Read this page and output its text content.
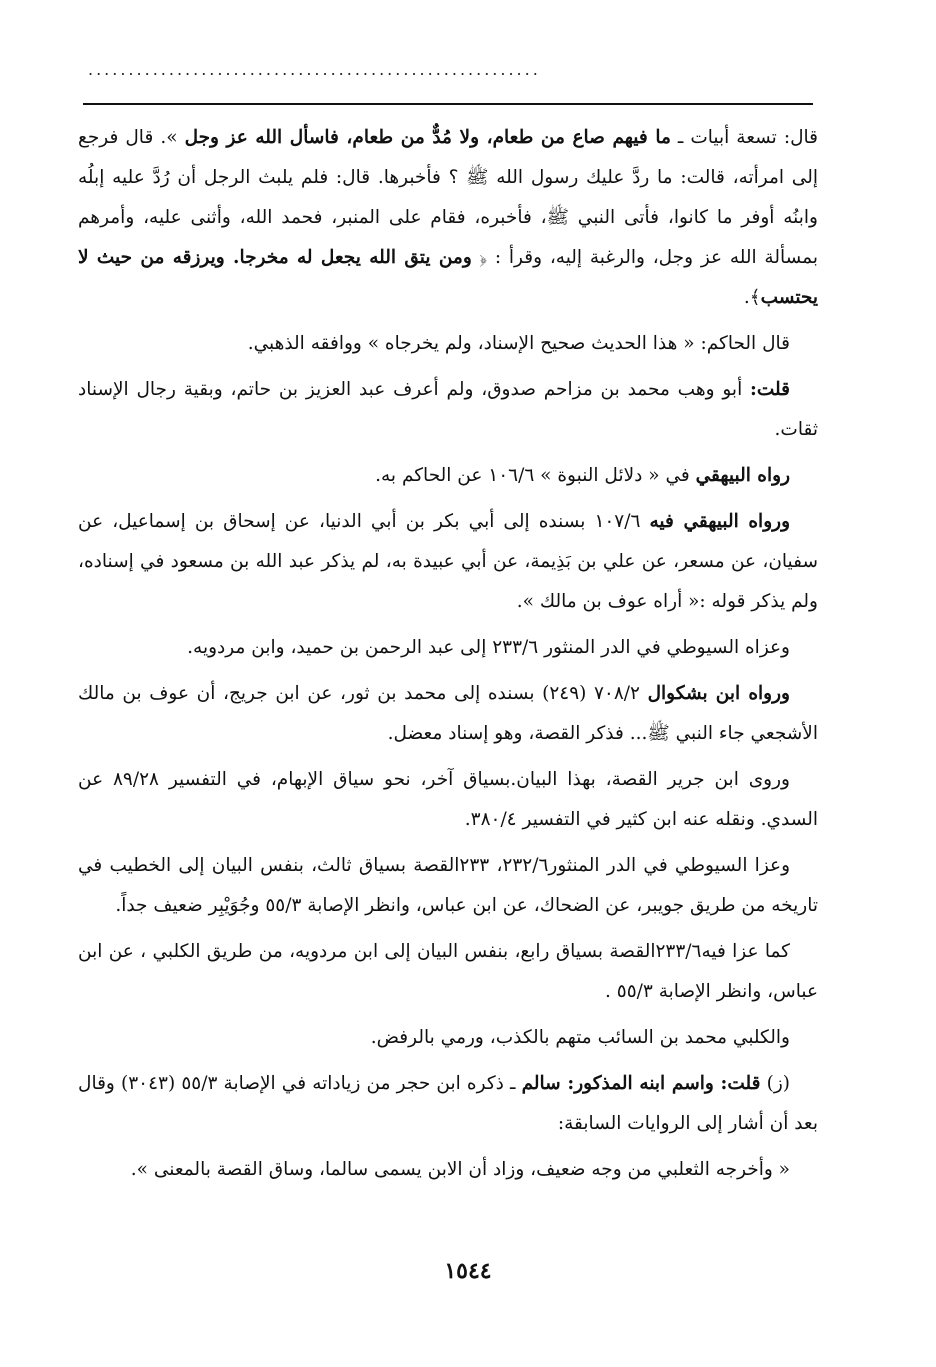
........................................................

قال: تسعة أبيات ـ ما فيهم صاع من طعام، ولا مُدٌّ من طعام، فاسأل الله عز وجل ». قال فرجع إلى امرأته، قالت: ما ردَّ عليك رسول الله ﷺ ؟ فأخبرها. قال: فلم يلبث الرجل أن رُدَّ عليه إبلُه وابنُه أوفر ما كانوا، فأتى النبي ﷺ، فأخبره، فقام على المنبر، فحمد الله، وأثنى عليه، وأمرهم بمسألة الله عز وجل، والرغبة إليه، وقرأ : ﴿ ومن يتق الله يجعل له مخرجا. ويرزقه من حيث لا يحتسب﴾.

قال الحاكم: « هذا الحديث صحيح الإسناد، ولم يخرجاه » ووافقه الذهبي.

قلت: أبو وهب محمد بن مزاحم صدوق، ولم أعرف عبد العزيز بن حاتم، وبقية رجال الإسناد ثقات.

رواه البيهقي في « دلائل النبوة » ١٠٦/٦ عن الحاكم به.

ورواه البيهقي فيه ١٠٧/٦ بسنده إلى أبي بكر بن أبي الدنيا، عن إسحاق بن إسماعيل، عن سفيان، عن مسعر، عن علي بن بَذِيمة، عن أبي عبيدة به، لم يذكر عبد الله بن مسعود في إسناده، ولم يذكر قوله :« أراه عوف بن مالك ».

وعزاه السيوطي في الدر المنثور ٢٣٣/٦ إلى عبد الرحمن بن حميد، وابن مردويه.

ورواه ابن بشكوال ٧٠٨/٢ (٢٤٩) بسنده إلى محمد بن ثور، عن ابن جريج، أن عوف بن مالك الأشجعي جاء النبي ﷺ... فذكر القصة، وهو إسناد معضل.

وروى ابن جرير القصة، بهذا البيان.بسياق آخر، نحو سياق الإبهام، في التفسير ٨٩/٢٨ عن السدي. ونقله عنه ابن كثير في التفسير ٣٨٠/٤.

وعزا السيوطي في الدر المنثور٢٣٢/٦، ٢٣٣القصة بسياق ثالث، بنفس البيان إلى الخطيب في تاريخه من طريق جويبر، عن الضحاك، عن ابن عباس، وانظر الإصابة ٥٥/٣ وجُوَيْبِر ضعيف جداً.

كما عزا فيه٢٣٣/٦القصة بسياق رابع، بنفس البيان إلى ابن مردويه، من طريق الكلبي ، عن ابن عباس، وانظر الإصابة ٥٥/٣ .

والكلبي محمد بن السائب متهم بالكذب، ورمي بالرفض.

(ز) قلت: واسم ابنه المذكور: سالم ـ ذكره ابن حجر من زياداته في الإصابة ٥٥/٣ (٣٠٤٣) وقال بعد أن أشار إلى الروايات السابقة:

« وأخرجه الثعلبي من وجه ضعيف، وزاد أن الابن يسمى سالما، وساق القصة بالمعنى ».

١٥٤٤
